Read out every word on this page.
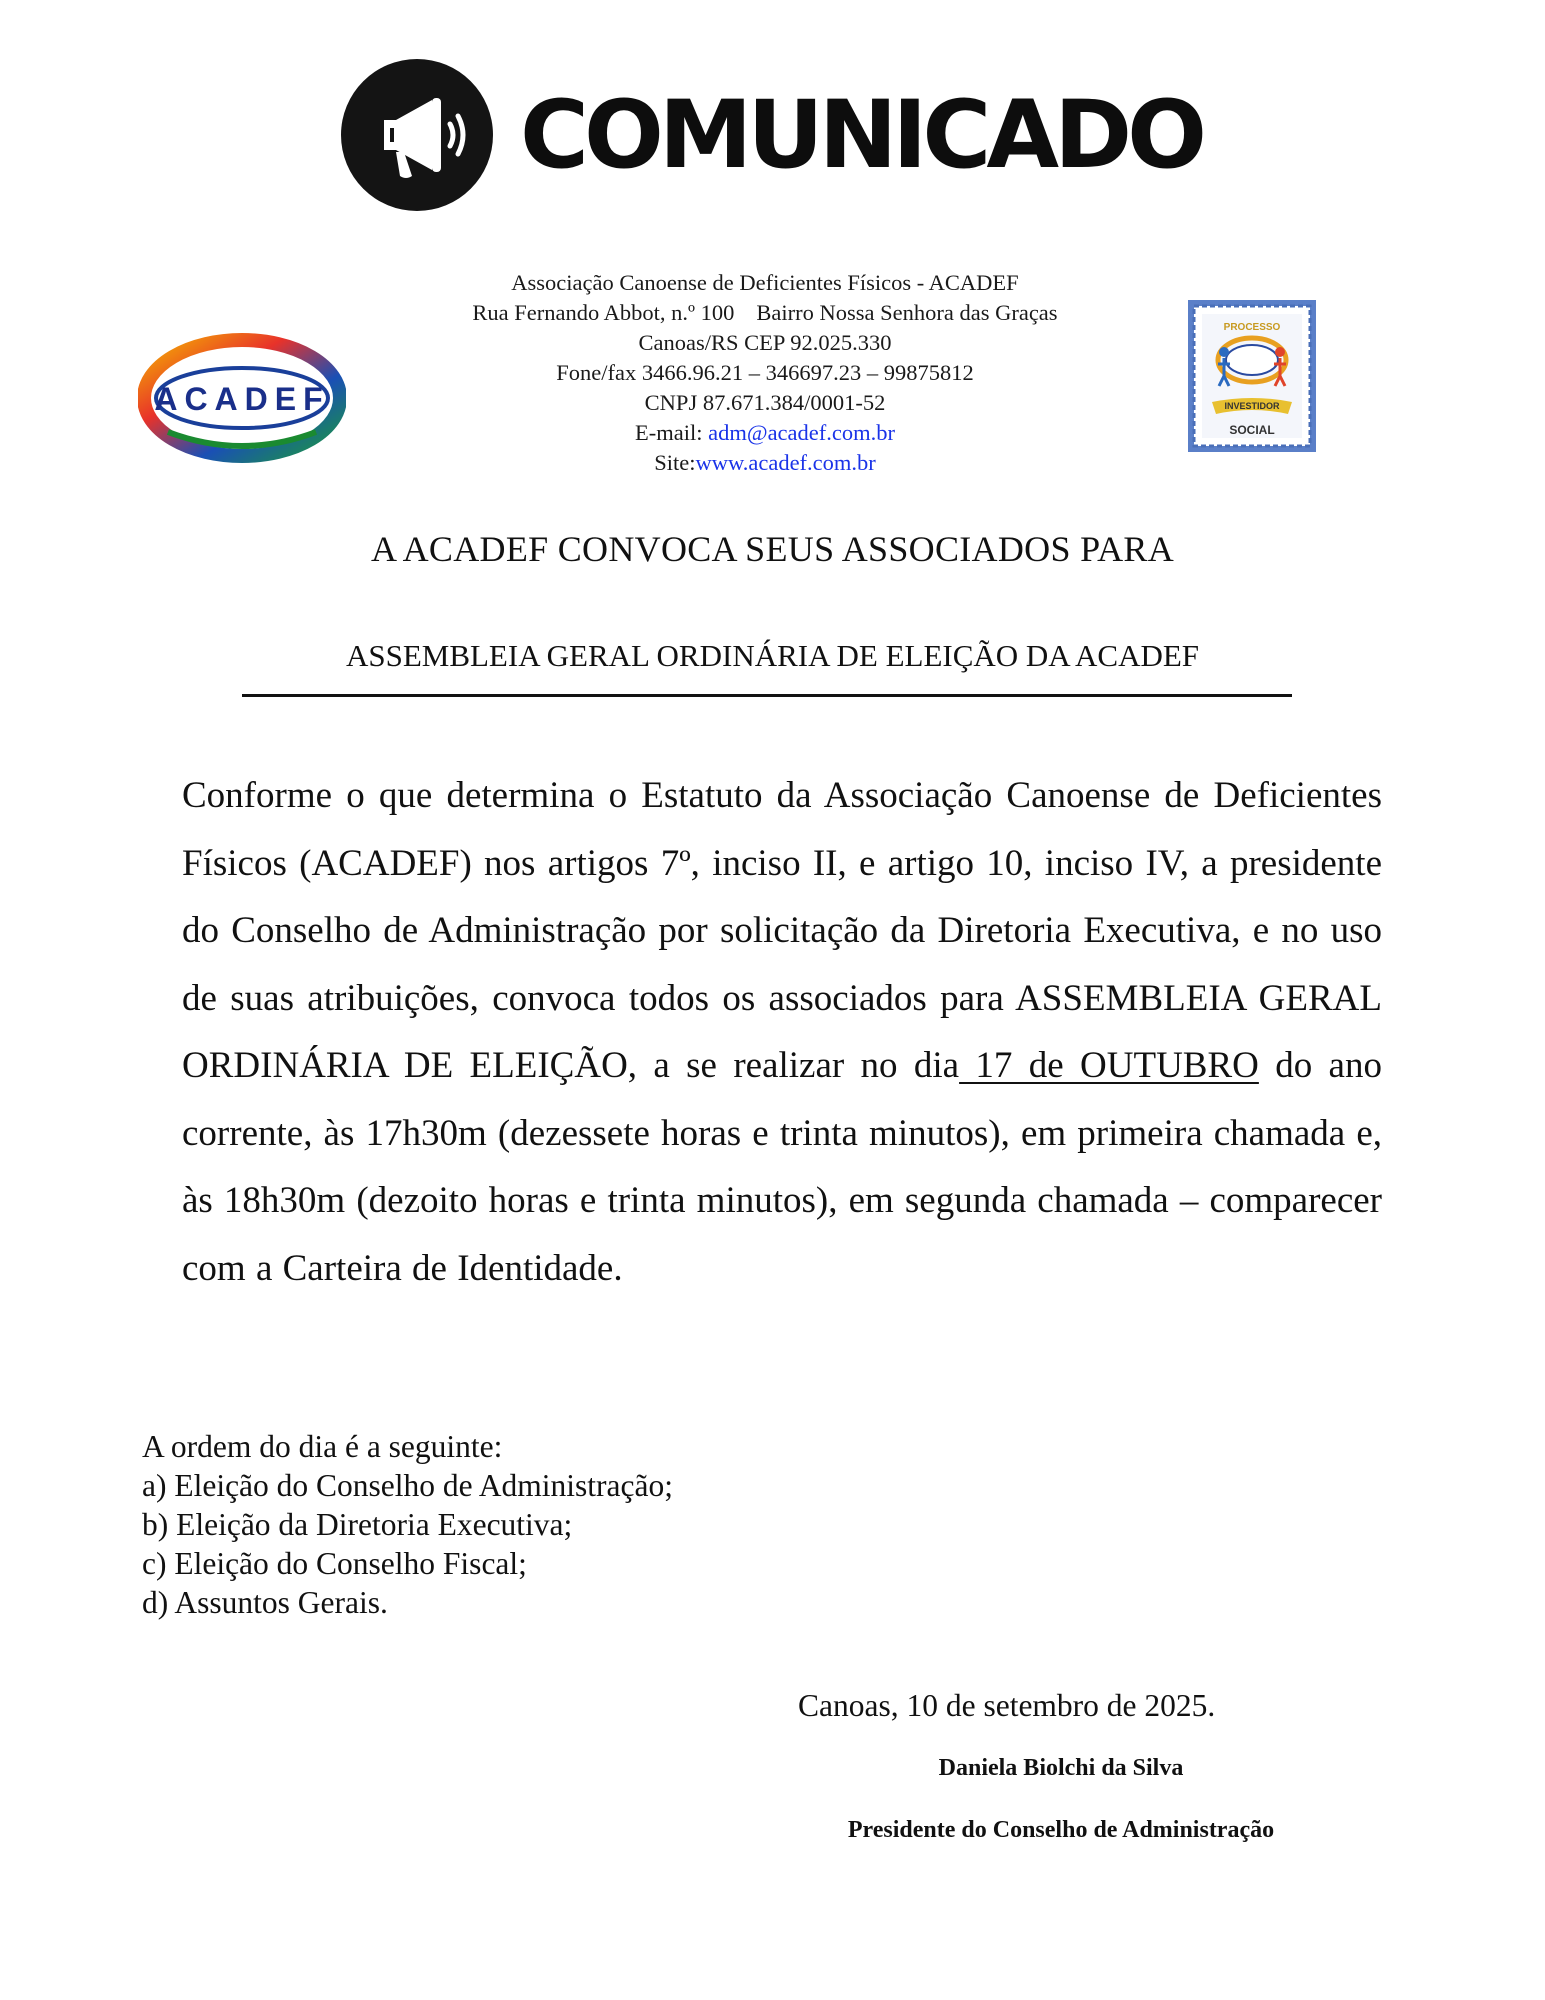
COMUNICADO
ACADEF
PROCESSO
INVESTIDOR
SOCIAL
Associação Canoense de Deficientes Físicos - ACADEF
Rua Fernando Abbot, n.º 100 Bairro Nossa Senhora das Graças
Canoas/RS CEP 92.025.330
Fone/fax 3466.96.21 – 346697.23 – 99875812
CNPJ 87.671.384/0001-52
E-mail: adm@acadef.com.br
Site:www.acadef.com.br
A ACADEF CONVOCA SEUS ASSOCIADOS PARA
ASSEMBLEIA GERAL ORDINÁRIA DE ELEIÇÃO DA ACADEF
Conforme o que determina o Estatuto da Associação Canoense de Deficientes Físicos (ACADEF) nos artigos 7º, inciso II, e artigo 10, inciso IV, a presidente do Conselho de Administração por solicitação da Diretoria Executiva, e no uso de suas atribuições, convoca todos os associados para ASSEMBLEIA GERAL ORDINÁRIA DE ELEIÇÃO, a se realizar no dia 17 de OUTUBRO do ano corrente, às 17h30m (dezessete horas e trinta minutos), em primeira chamada e, às 18h30m (dezoito horas e trinta minutos), em segunda chamada – comparecer com a Carteira de Identidade.
A ordem do dia é a seguinte:
a) Eleição do Conselho de Administração;
b) Eleição da Diretoria Executiva;
c) Eleição do Conselho Fiscal;
d) Assuntos Gerais.
Canoas, 10 de setembro de 2025.
Daniela Biolchi da Silva
Presidente do Conselho de Administração
